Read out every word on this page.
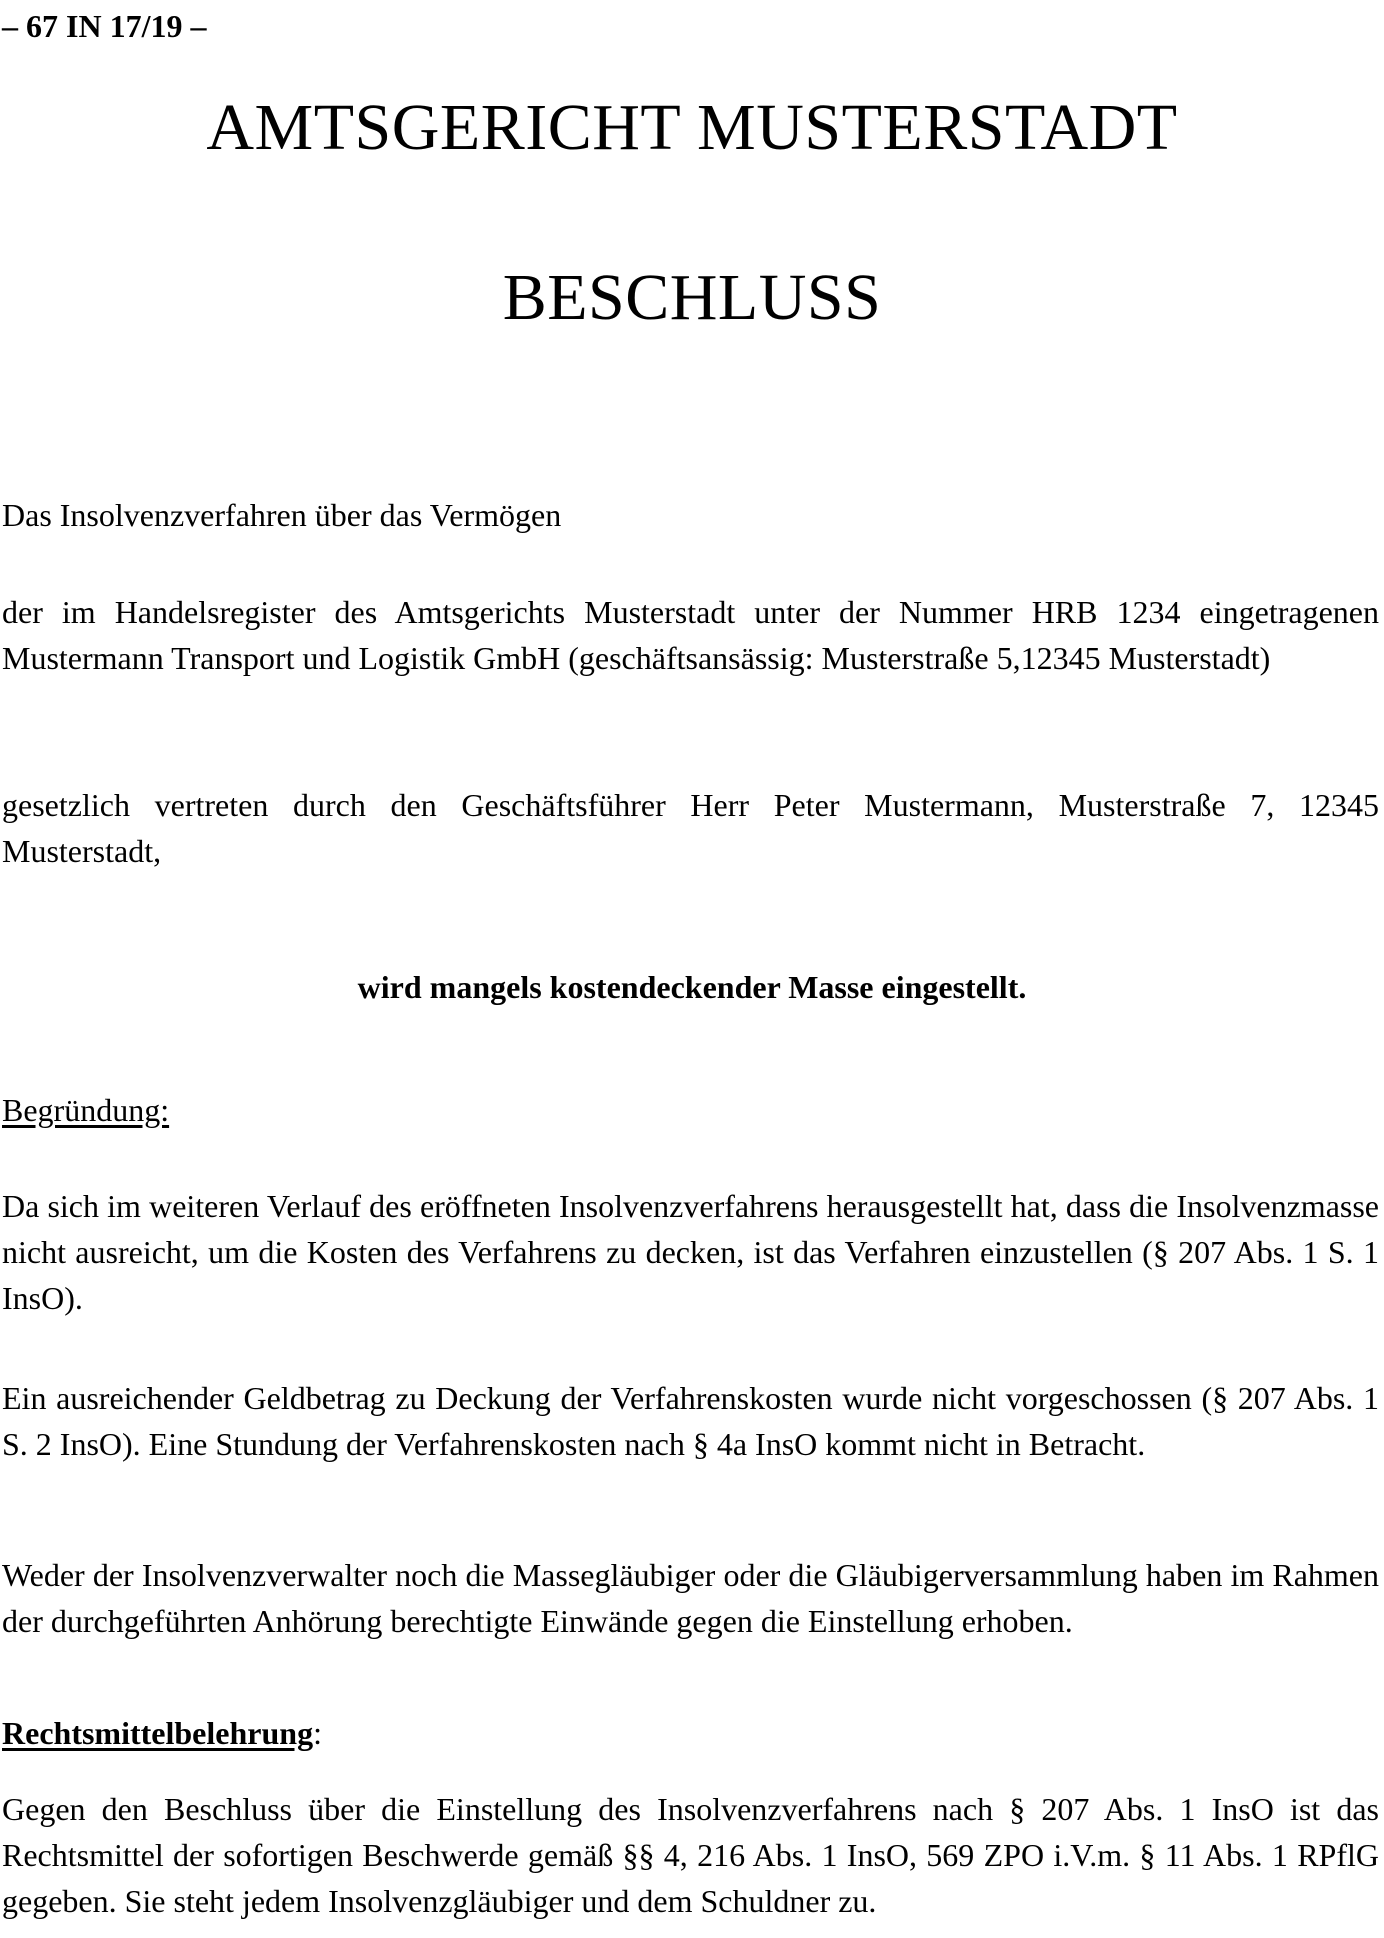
– 67 IN 17/19 –
AMTSGERICHT MUSTERSTADT
BESCHLUSS

Das Insolvenzverfahren über das Vermögen

der im Handelsregister des Amtsgerichts Musterstadt unter der Nummer HRB 1234 eingetragenen Mustermann Transport und Logistik GmbH (geschäftsansässig: Musterstraße 5,12345 Musterstadt)

gesetzlich vertreten durch den Geschäftsführer Herr Peter Mustermann, Musterstraße 7, 12345 Musterstadt,

wird mangels kostendeckender Masse eingestellt.
Begründung:

Da sich im weiteren Verlauf des eröffneten Insolvenzverfahrens herausgestellt hat, dass die Insolvenzmasse nicht ausreicht, um die Kosten des Verfahrens zu decken, ist das Verfahren einzustellen (§ 207 Abs. 1 S. 1 InsO).

Ein ausreichender Geldbetrag zu Deckung der Verfahrenskosten wurde nicht vorgeschossen (§ 207 Abs. 1 S. 2 InsO). Eine Stundung der Verfahrenskosten nach § 4a InsO kommt nicht in Betracht.

Weder der Insolvenzverwalter noch die Massegläubiger oder die Gläubigerversammlung haben im Rahmen der durchgeführten Anhörung berechtigte Einwände gegen die Einstellung erhoben.

Rechtsmittelbelehrung:

Gegen den Beschluss über die Einstellung des Insolvenzverfahrens nach § 207 Abs. 1 InsO ist das Rechtsmittel der sofortigen Beschwerde gemäß §§ 4, 216 Abs. 1 InsO, 569 ZPO i.V.m. § 11 Abs. 1 RPflG gegeben. Sie steht jedem Insolvenzgläubiger und dem Schuldner zu.
